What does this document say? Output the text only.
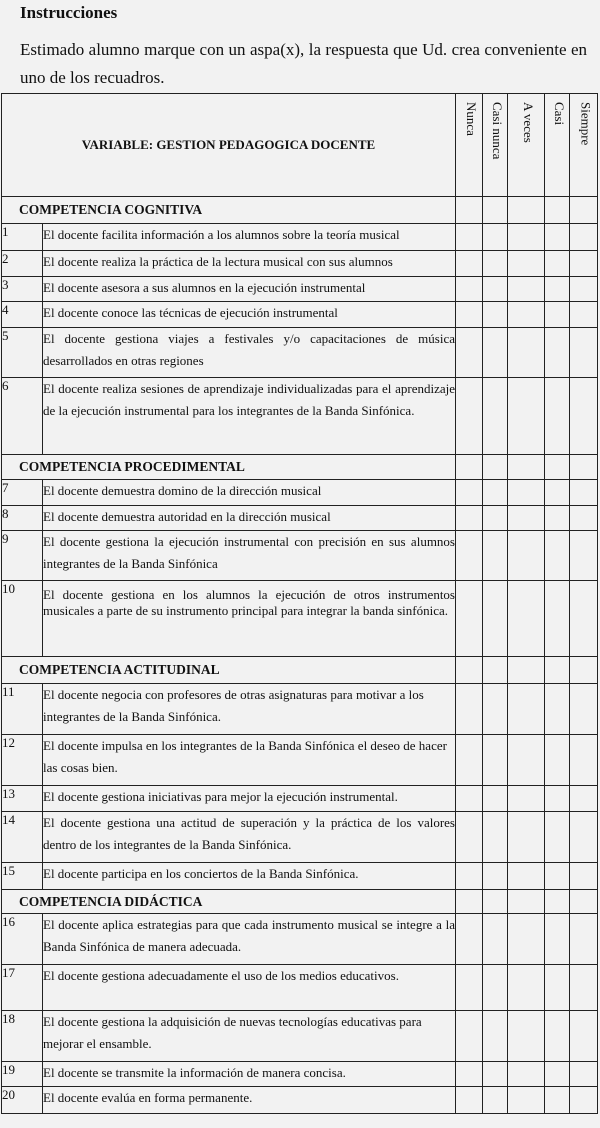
Instrucciones
Estimado alumno marque con un aspa(x), la respuesta que Ud. crea conveniente en uno de los recuadros.
VARIABLE: GESTION PEDAGOGICA DOCENTE		Nunca	Casi nunca	A veces	Casi	Siempre
COMPETENCIA COGNITIVA						
1	El docente facilita información a los alumnos sobre la teoría musical					
2	El docente realiza la práctica de la lectura musical con sus alumnos					
3	El docente asesora a sus alumnos en la ejecución instrumental					
4	El docente conoce las técnicas de ejecución instrumental					
5	El docente gestiona viajes a festivales y/o capacitaciones de música desarrollados en otras regiones					
6	El docente realiza sesiones de aprendizaje individualizadas para el aprendizaje de la ejecución instrumental para los integrantes de la Banda Sinfónica.					
COMPETENCIA PROCEDIMENTAL						
7	El docente demuestra domino de la dirección musical					
8	El docente demuestra autoridad en la dirección musical					
9	El docente gestiona la ejecución instrumental con precisión en sus alumnos integrantes de la Banda Sinfónica					
10	El docente gestiona en los alumnos la ejecución de otros instrumentos musicales a parte de su instrumento principal para integrar la banda sinfónica.					
COMPETENCIA ACTITUDINAL						
11	El docente negocia con profesores de otras asignaturas para motivar a los integrantes de la Banda Sinfónica.					
12	El docente impulsa en los integrantes de la Banda Sinfónica el deseo de hacer las cosas bien.					
13	El docente gestiona iniciativas para mejor la ejecución instrumental.					
14	El docente gestiona una actitud de superación y la práctica de los valores dentro de los integrantes de la Banda Sinfónica.					
15	El docente participa en los conciertos de la Banda Sinfónica.					
COMPETENCIA DIDÁCTICA						
16	El docente aplica estrategias para que cada instrumento musical se integre a la Banda Sinfónica de manera adecuada.					
17	El docente gestiona adecuadamente el uso de los medios educativos.					
18	El docente gestiona la adquisición de nuevas tecnologías educativas para mejorar el ensamble.					
19	El docente se transmite la información de manera concisa.					
20	El docente evalúa en forma permanente.					
